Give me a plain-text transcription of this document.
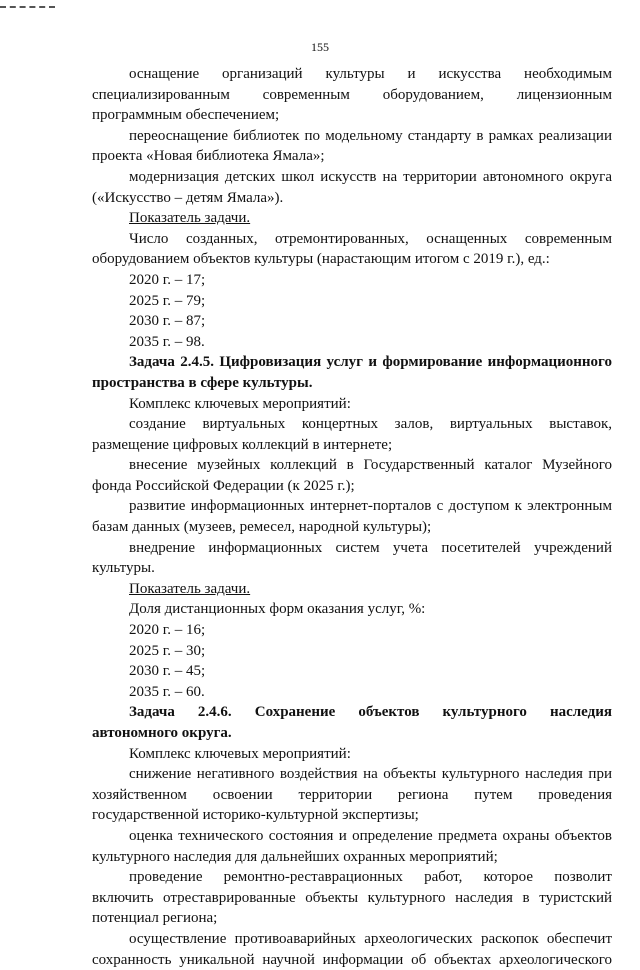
155

оснащение организаций культуры и искусства необходимым

специализированным современным оборудованием, лицензионным

программным обеспечением;

переоснащение библиотек по модельному стандарту в рамках реализации

проекта «Новая библиотека Ямала»;

модернизация детских школ искусств на территории автономного округа

(«Искусство – детям Ямала»).

Показатель задачи.

Число созданных, отремонтированных, оснащенных современным

оборудованием объектов культуры (нарастающим итогом с 2019 г.), ед.:

2020 г. – 17;

2025 г. – 79;

2030 г. – 87;

2035 г. – 98.

Задача 2.4.5. Цифровизация услуг и формирование информационного

пространства в сфере культуры.

Комплекс ключевых мероприятий:

создание виртуальных концертных залов, виртуальных выставок,

размещение цифровых коллекций в интернете;

внесение музейных коллекций в Государственный каталог Музейного

фонда Российской Федерации (к 2025 г.);

развитие информационных интернет-порталов с доступом к электронным

базам данных (музеев, ремесел, народной культуры);

внедрение информационных систем учета посетителей учреждений

культуры.

Показатель задачи.

Доля дистанционных форм оказания услуг, %:

2020 г. – 16;

2025 г. – 30;

2030 г. – 45;

2035 г. – 60.

Задача 2.4.6. Сохранение объектов культурного наследия

автономного округа.

Комплекс ключевых мероприятий:

снижение негативного воздействия на объекты культурного наследия при

хозяйственном освоении территории региона путем проведения

государственной историко-культурной экспертизы;

оценка технического состояния и определение предмета охраны объектов

культурного наследия для дальнейших охранных мероприятий;

проведение ремонтно-реставрационных работ, которое позволит

включить отреставрированные объекты культурного наследия в туристский

потенциал региона;

осуществление противоаварийных археологических раскопок обеспечит

сохранность уникальной научной информации об объектах археологического
